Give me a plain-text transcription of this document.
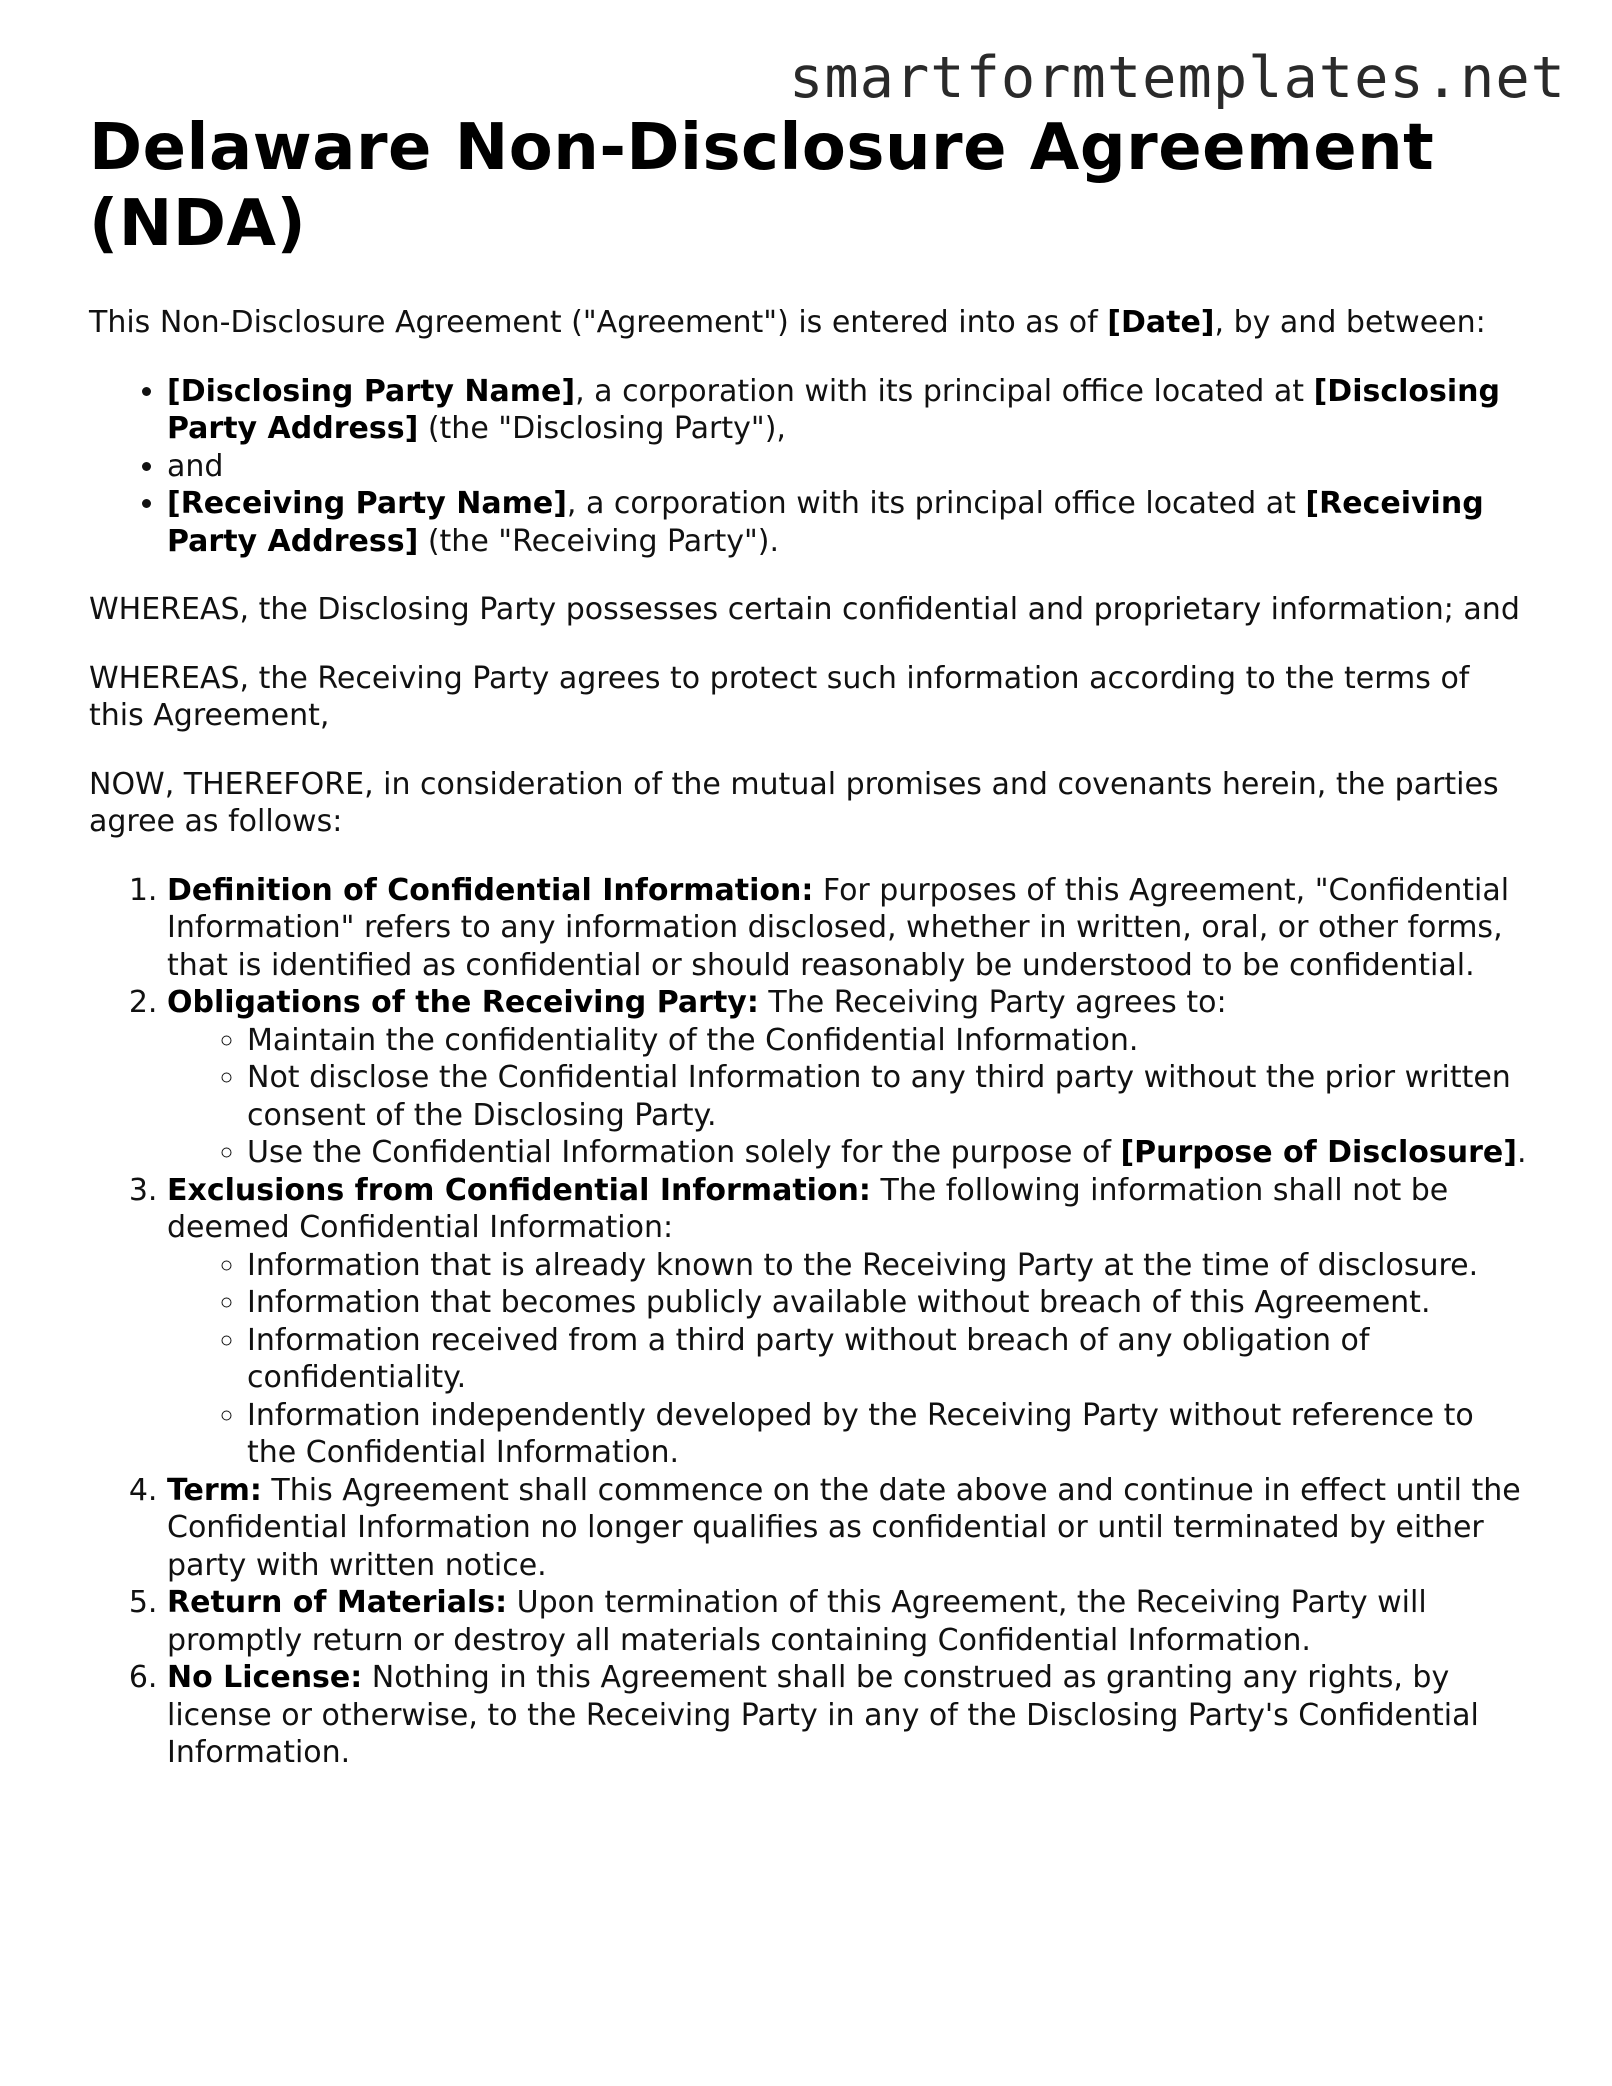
smartformtemplates.net
Delaware Non-Disclosure Agreement (NDA)

This Non-Disclosure Agreement ("Agreement") is entered into as of [Date], by and between:

• [Disclosing Party Name], a corporation with its principal office located at [Disclosing Party Address] (the "Disclosing Party"),
• and
• [Receiving Party Name], a corporation with its principal office located at [Receiving Party Address] (the "Receiving Party").

WHEREAS, the Disclosing Party possesses certain confidential and proprietary information; and

WHEREAS, the Receiving Party agrees to protect such information according to the terms of this Agreement,

NOW, THEREFORE, in consideration of the mutual promises and covenants herein, the parties agree as follows:

1. Definition of Confidential Information: For purposes of this Agreement, "Confidential Information" refers to any information disclosed, whether in written, oral, or other forms, that is identified as confidential or should reasonably be understood to be confidential.
2. Obligations of the Receiving Party: The Receiving Party agrees to:
◦ Maintain the confidentiality of the Confidential Information.
◦ Not disclose the Confidential Information to any third party without the prior written consent of the Disclosing Party.
◦ Use the Confidential Information solely for the purpose of [Purpose of Disclosure].
3. Exclusions from Confidential Information: The following information shall not be deemed Confidential Information:
◦ Information that is already known to the Receiving Party at the time of disclosure.
◦ Information that becomes publicly available without breach of this Agreement.
◦ Information received from a third party without breach of any obligation of confidentiality.
◦ Information independently developed by the Receiving Party without reference to the Confidential Information.
4. Term: This Agreement shall commence on the date above and continue in effect until the Confidential Information no longer qualifies as confidential or until terminated by either party with written notice.
5. Return of Materials: Upon termination of this Agreement, the Receiving Party will promptly return or destroy all materials containing Confidential Information.
6. No License: Nothing in this Agreement shall be construed as granting any rights, by license or otherwise, to the Receiving Party in any of the Disclosing Party's Confidential Information.
